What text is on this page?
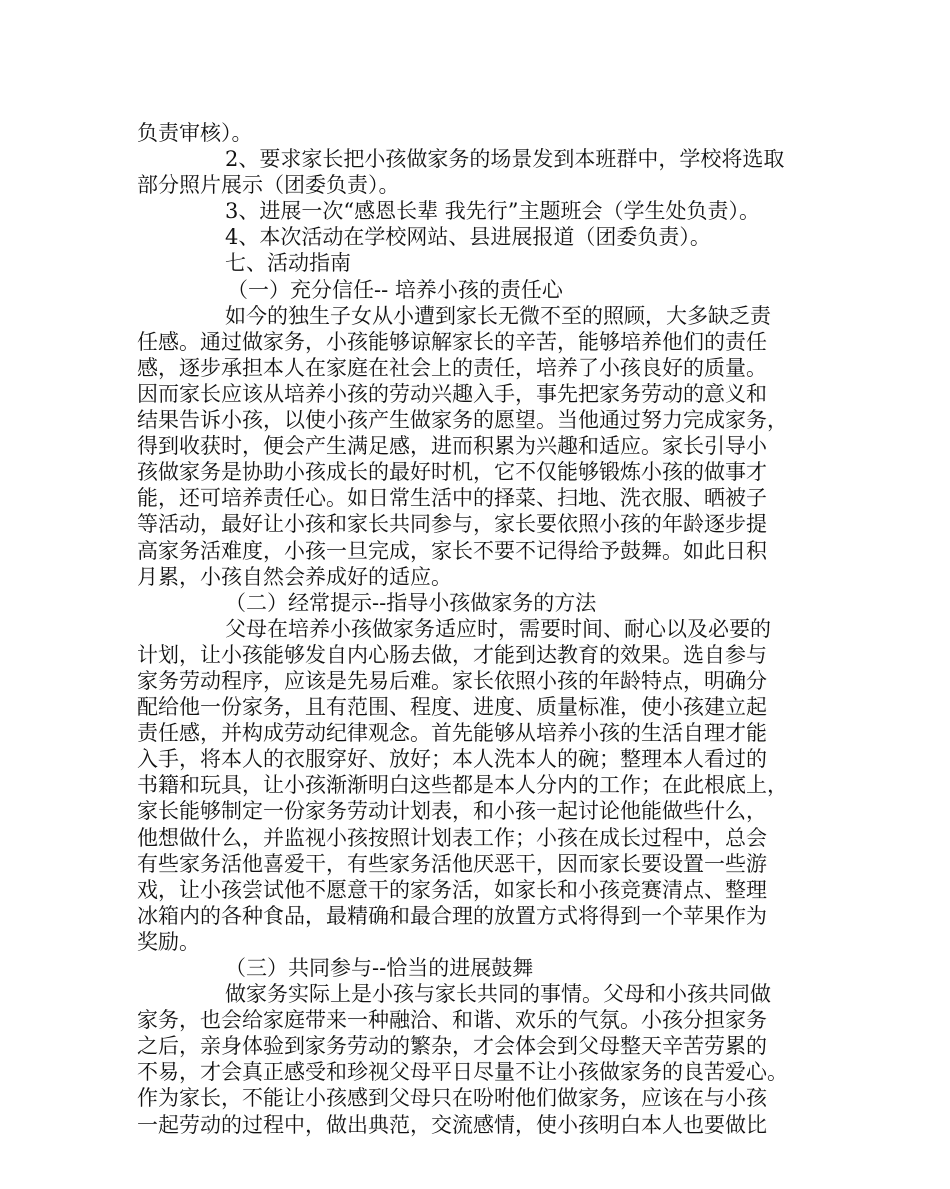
负责审核）。
2、要求家长把小孩做家务的场景发到本班群中，学校将选取
部分照片展示（团委负责）。
3、进展一次“感恩长辈 我先行”主题班会（学生处负责）。
4、本次活动在学校网站、县进展报道（团委负责）。
七、活动指南
（一）充分信任-- 培养小孩的责任心
如今的独生子女从小遭到家长无微不至的照顾，大多缺乏责
任感。通过做家务，小孩能够谅解家长的辛苦，能够培养他们的责任
感，逐步承担本人在家庭在社会上的责任，培养了小孩良好的质量。
因而家长应该从培养小孩的劳动兴趣入手，事先把家务劳动的意义和
结果告诉小孩，以使小孩产生做家务的愿望。当他通过努力完成家务，
得到收获时，便会产生满足感，进而积累为兴趣和适应。家长引导小
孩做家务是协助小孩成长的最好时机，它不仅能够锻炼小孩的做事才
能，还可培养责任心。如日常生活中的择菜、扫地、洗衣服、晒被子
等活动，最好让小孩和家长共同参与，家长要依照小孩的年龄逐步提
高家务活难度，小孩一旦完成，家长不要不记得给予鼓舞。如此日积
月累，小孩自然会养成好的适应。
（二）经常提示--指导小孩做家务的方法
父母在培养小孩做家务适应时，需要时间、耐心以及必要的
计划，让小孩能够发自内心肠去做，才能到达教育的效果。选自参与
家务劳动程序，应该是先易后难。家长依照小孩的年龄特点，明确分
配给他一份家务，且有范围、程度、进度、质量标准，使小孩建立起
责任感，并构成劳动纪律观念。首先能够从培养小孩的生活自理才能
入手，将本人的衣服穿好、放好；本人洗本人的碗；整理本人看过的
书籍和玩具，让小孩渐渐明白这些都是本人分内的工作；在此根底上，
家长能够制定一份家务劳动计划表，和小孩一起讨论他能做些什么，
他想做什么，并监视小孩按照计划表工作；小孩在成长过程中，总会
有些家务活他喜爱干，有些家务活他厌恶干，因而家长要设置一些游
戏，让小孩尝试他不愿意干的家务活，如家长和小孩竞赛清点、整理
冰箱内的各种食品，最精确和最合理的放置方式将得到一个苹果作为
奖励。
（三）共同参与--恰当的进展鼓舞
做家务实际上是小孩与家长共同的事情。父母和小孩共同做
家务，也会给家庭带来一种融洽、和谐、欢乐的气氛。小孩分担家务
之后，亲身体验到家务劳动的繁杂，才会体会到父母整天辛苦劳累的
不易，才会真正感受和珍视父母平日尽量不让小孩做家务的良苦爱心。
作为家长，不能让小孩感到父母只在吩咐他们做家务，应该在与小孩
一起劳动的过程中，做出典范，交流感情，使小孩明白本人也要做比
